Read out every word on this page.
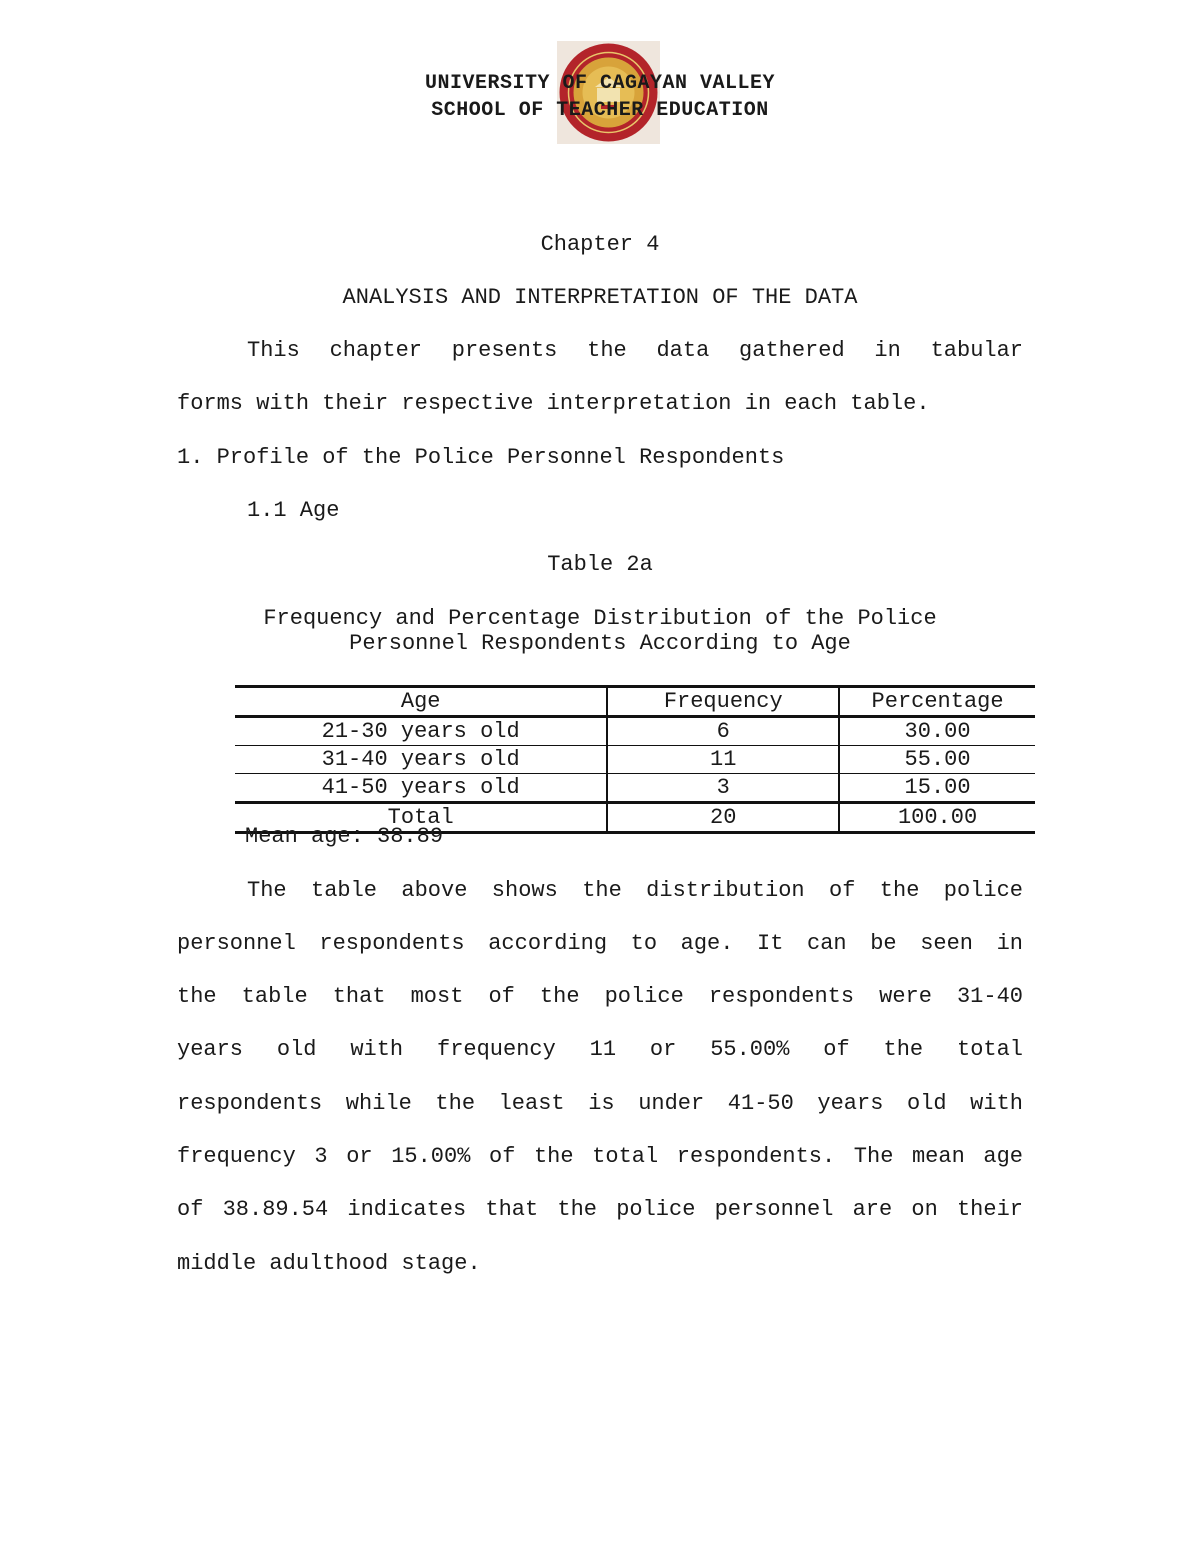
UNIVERSITY OF CAGAYAN VALLEY
SCHOOL OF TEACHER EDUCATION
Chapter 4
ANALYSIS AND INTERPRETATION OF THE DATA
This chapter presents the data gathered in tabular
forms with their respective interpretation in each table.
1. Profile of the Police Personnel Respondents
1.1 Age
Table 2a
Frequency and Percentage Distribution of the Police
Personnel Respondents According to Age
Age	Frequency	Percentage
21-30 years old	6	30.00
31-40 years old	11	55.00
41-50 years old	3	15.00
Total	20	100.00
Mean age: 38.89
The table above shows the distribution of the police
personnel respondents according to age. It can be seen in
the table that most of the police respondents were 31-40
years old with frequency 11 or 55.00% of the total
respondents while the least is under 41-50 years old with
frequency 3 or 15.00% of the total respondents. The mean age
of 38.89.54 indicates that the police personnel are on their
middle adulthood stage.
